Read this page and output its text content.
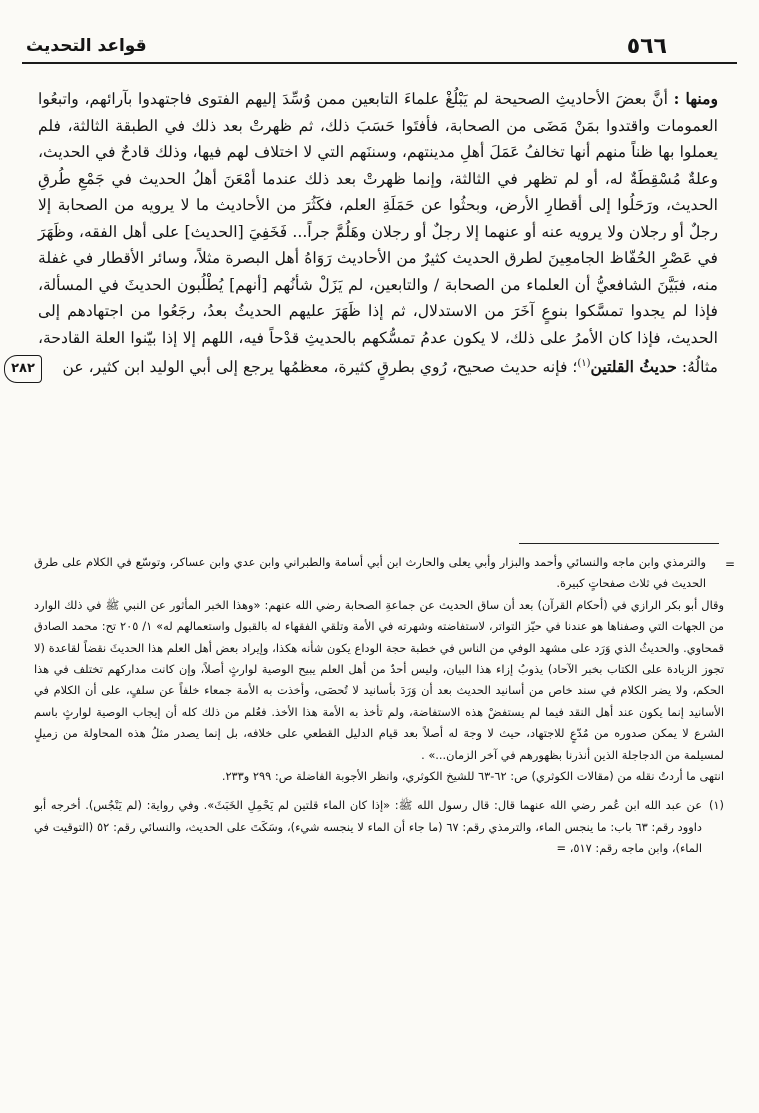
٥٦٦
قواعد التحديث
٢٨٢

ومنها : أنَّ بعضَ الأحاديثِ الصحيحة لم يَبْلُغْ علماءَ التابعين ممن وُسِّدَ إليهم الفتوى فاجتهدوا بآرائهم، واتبعُوا العمومات واقتدوا بمَنْ مَضَى من الصحابة، فأفتَوا حَسَبَ ذلك، ثم ظهرتْ بعد ذلك في الطبقة الثالثة، فلم يعملوا بها ظناً منهم أنها تخالفُ عَمَلَ أهلِ مدينتهم، وسننَهم التي لا اختلاف لهم فيها، وذلك قادحٌ في الحديث، وعلةٌ مُسْقِطَةٌ له، أو لم تظهر في الثالثة، وإنما ظهرتْ بعد ذلك عندما أمْعَنَ أهلُ الحديث في جَمْعِ طُرقِ الحديث، ورَحَلُوا إلى أقطارِ الأرض، وبحثُوا عن حَمَلَةِ العلم، فكَثُرَ من الأحاديث ما لا يرويه من الصحابة إلا رجلٌ أو رجلان ولا يرويه عنه أو عنهما إلا رجلٌ أو رجلان وهَلُمَّ جراً... فَخَفِيَ [الحديث] على أهل الفقه، وظَهَرَ في عَصْرِ الحُفّاظ الجامعِينَ لطرق الحديث كثيرٌ من الأحاديث رَوَاهُ أهل البصرة مثلاً، وسائر الأقطار في غفلة منه، فبَيَّنَ الشافعيُّ أن العلماء من الصحابة / والتابعين، لم يَزَلْ شأنُهم [أنهم] يُطْلُبون الحديثَ في المسألة، فإذا لم يجدوا تمسَّكوا بنوعٍ آخَرَ من الاستدلال، ثم إذا ظَهَرَ عليهم الحديثُ بعدُ، رجَعُوا من اجتهادهم إلى الحديث، فإذا كان الأمرُ على ذلك، لا يكون عدمُ تمسُّكهم بالحديثِ قدْحاً فيه، اللهم إلا إذا بيّنوا العلة القادحة، مثالُهُ: حديثُ القلتين$^{(١)}$؛ فإنه حديث صحيح، رُوي بطرقٍ كثيرة، معظمُها يرجع إلى أبي الوليد ابن كثير، عن

=

والترمذي وابن ماجه والنسائي وأحمد والبزار وأبي يعلى والحارث ابن أبي أسامة والطبراني وابن عدي وابن عساكر، وتوسّع في الكلام على طرق الحديث في ثلاث صفحاتٍ كبيرة.

وقال أبو بكر الرازي في (أحكام القرآن) بعد أن ساق الحديث عن جماعةِ الصحابة رضي الله عنهم: «وهذا الخبر المأثور عن النبي ﷺ في ذلك الوارد من الجهات التي وصفناها هو عندنا في حيّز التواتر، لاستفاضته وشهرته في الأمة وتلقي الفقهاء له بالقبول واستعمالهم له» ١/ ٢٠٥ تح: محمد الصادق قمحاوي. والحديثُ الذي وَرَد على مشهد الوفي من الناس في خطبة حجة الوداع يكون شأنه هكذا، وإيراد بعض أهل العلم هذا الحديثَ نقضاً لقاعدة (لا تجوز الزيادة على الكتاب بخبر الآحاد) يذوبُ إزاء هذا البيان، وليس أحدٌ من أهل العلم يبيح الوصية لوارثٍ أصلاً، وإن كانت مداركهم تختلف في هذا الحكم، ولا يضر الكلام في سند خاص من أسانيد الحديث بعد أن وَرَدَ بأسانيد لا تُحصَى، وأخذت به الأمة جمعاء خلفاً عن سلفٍ، على أن الكلام في الأسانيد إنما يكون عند أهل النقد فيما لم يستفضْ هذه الاستفاضة، ولم تأخذ به الأمة هذا الأخذ. فعُلم من ذلك كله أن إيجاب الوصية لوارثٍ باسم الشرع لا يمكن صدوره من مُدّعٍ للاجتهاد، حيث لا وجهَ له أصلاً بعد قيام الدليل القطعي على خلافه، بل إنما يصدر مثلُ هذه المحاولة من زميلٍ لمسيلمة من الدجاجلة الذين أنذرنا بظهورهم في آخر الزمان...» .

انتهى ما أردتُ نقله من (مقالات الكوثري) ص: ٦٢-٦٣ للشيخ الكوثري، وانظر الأجوبة الفاضلة ص: ٢٩٩ و٢٣٣.

(١)
عن عبد الله ابن عُمر رضي الله عنهما قال: قال رسول الله ﷺ: «إذا كان الماء قلتين لم يَحْمِلِ الخَبَثَ». وفي رواية: (لم يَنْجُس). أخرجه أبو داوود رقم: ٦٣ باب: ما ينجس الماء، والترمذي رقم: ٦٧ (ما جاء أن الماء لا ينجسه شيء)، وسَكَتَ على الحديث، والنسائي رقم: ٥٢ (التوقيت في الماء)، وابن ماجه رقم: ٥١٧، =
